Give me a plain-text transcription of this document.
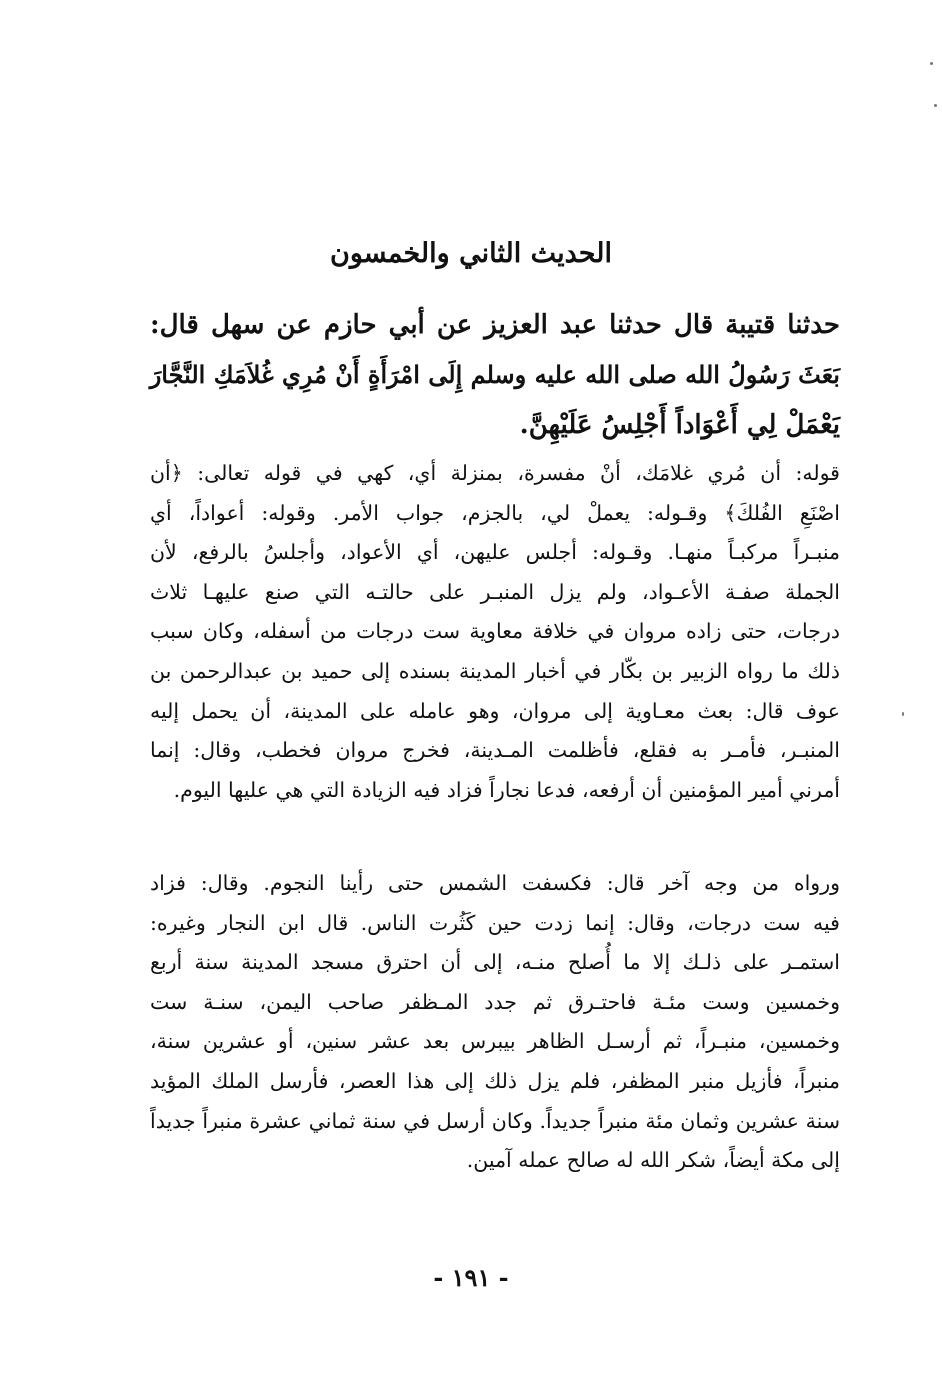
الحديث الثاني والخمسون
حدثنا قتيبة قال حدثنا عبد العزيز عن أبي حازم عن سهل قال:
بَعَثَ رَسُولُ الله صلى الله عليه وسلم إِلَى امْرَأَةٍ أَنْ مُرِي غُلاَمَكِ النَّجَّارَ
يَعْمَلْ لِي أَعْوَاداً أَجْلِسُ عَلَيْهِنَّ.
قوله: أن مُري غلامَك، أنْ مفسرة، بمنزلة أي، كهي في قوله تعالى: ﴿أن
اصْنَعِ الفُلكَ﴾ وقـوله: يعملْ لي، بالجزم، جواب الأمر. وقوله: أعواداً، أي
منبـراً مركبـاً منهـا. وقـوله: أجلس عليهن، أي الأعواد، وأجلسُ بالرفع، لأن
الجملة صفـة الأعـواد، ولم يزل المنبـر على حالتـه التي صنع عليهـا ثلاث
درجات، حتى زاده مروان في خلافة معاوية ست درجات من أسفله، وكان سبب
ذلك ما رواه الزبير بن بكّار في أخبار المدينة بسنده إلى حميد بن عبدالرحمن بن
عوف قال: بعث معـاوية إلى مروان، وهو عامله على المدينة، أن يحمل إليه
المنبـر، فأمـر به فقلع، فأظلمت المـدينة، فخرج مروان فخطب، وقال: إنما
أمرني أمير المؤمنين أن أرفعه، فدعا نجاراً فزاد فيه الزيادة التي هي عليها اليوم.
ورواه من وجه آخر قال: فكسفت الشمس حتى رأينا النجوم. وقال: فزاد
فيه ست درجات، وقال: إنما زدت حين كَثُرت الناس. قال ابن النجار وغيره:
استمـر على ذلـك إلا ما أُصلح منـه، إلى أن احترق مسجد المدينة سنة أربع
وخمسين وست مئـة فاحتـرق ثم جدد المـظفر صاحب اليمن، سنـة ست
وخمسين، منبـراً، ثم أرسـل الظاهر بيبرس بعد عشر سنين، أو عشرين سنة،
منبراً، فأزيل منبر المظفر، فلم يزل ذلك إلى هذا العصر، فأرسل الملك المؤيد
سنة عشرين وثمان مئة منبراً جديداً. وكان أرسل في سنة ثماني عشرة منبراً جديداً
إلى مكة أيضاً، شكر الله له صالح عمله آمين.
- ١٩١ -
